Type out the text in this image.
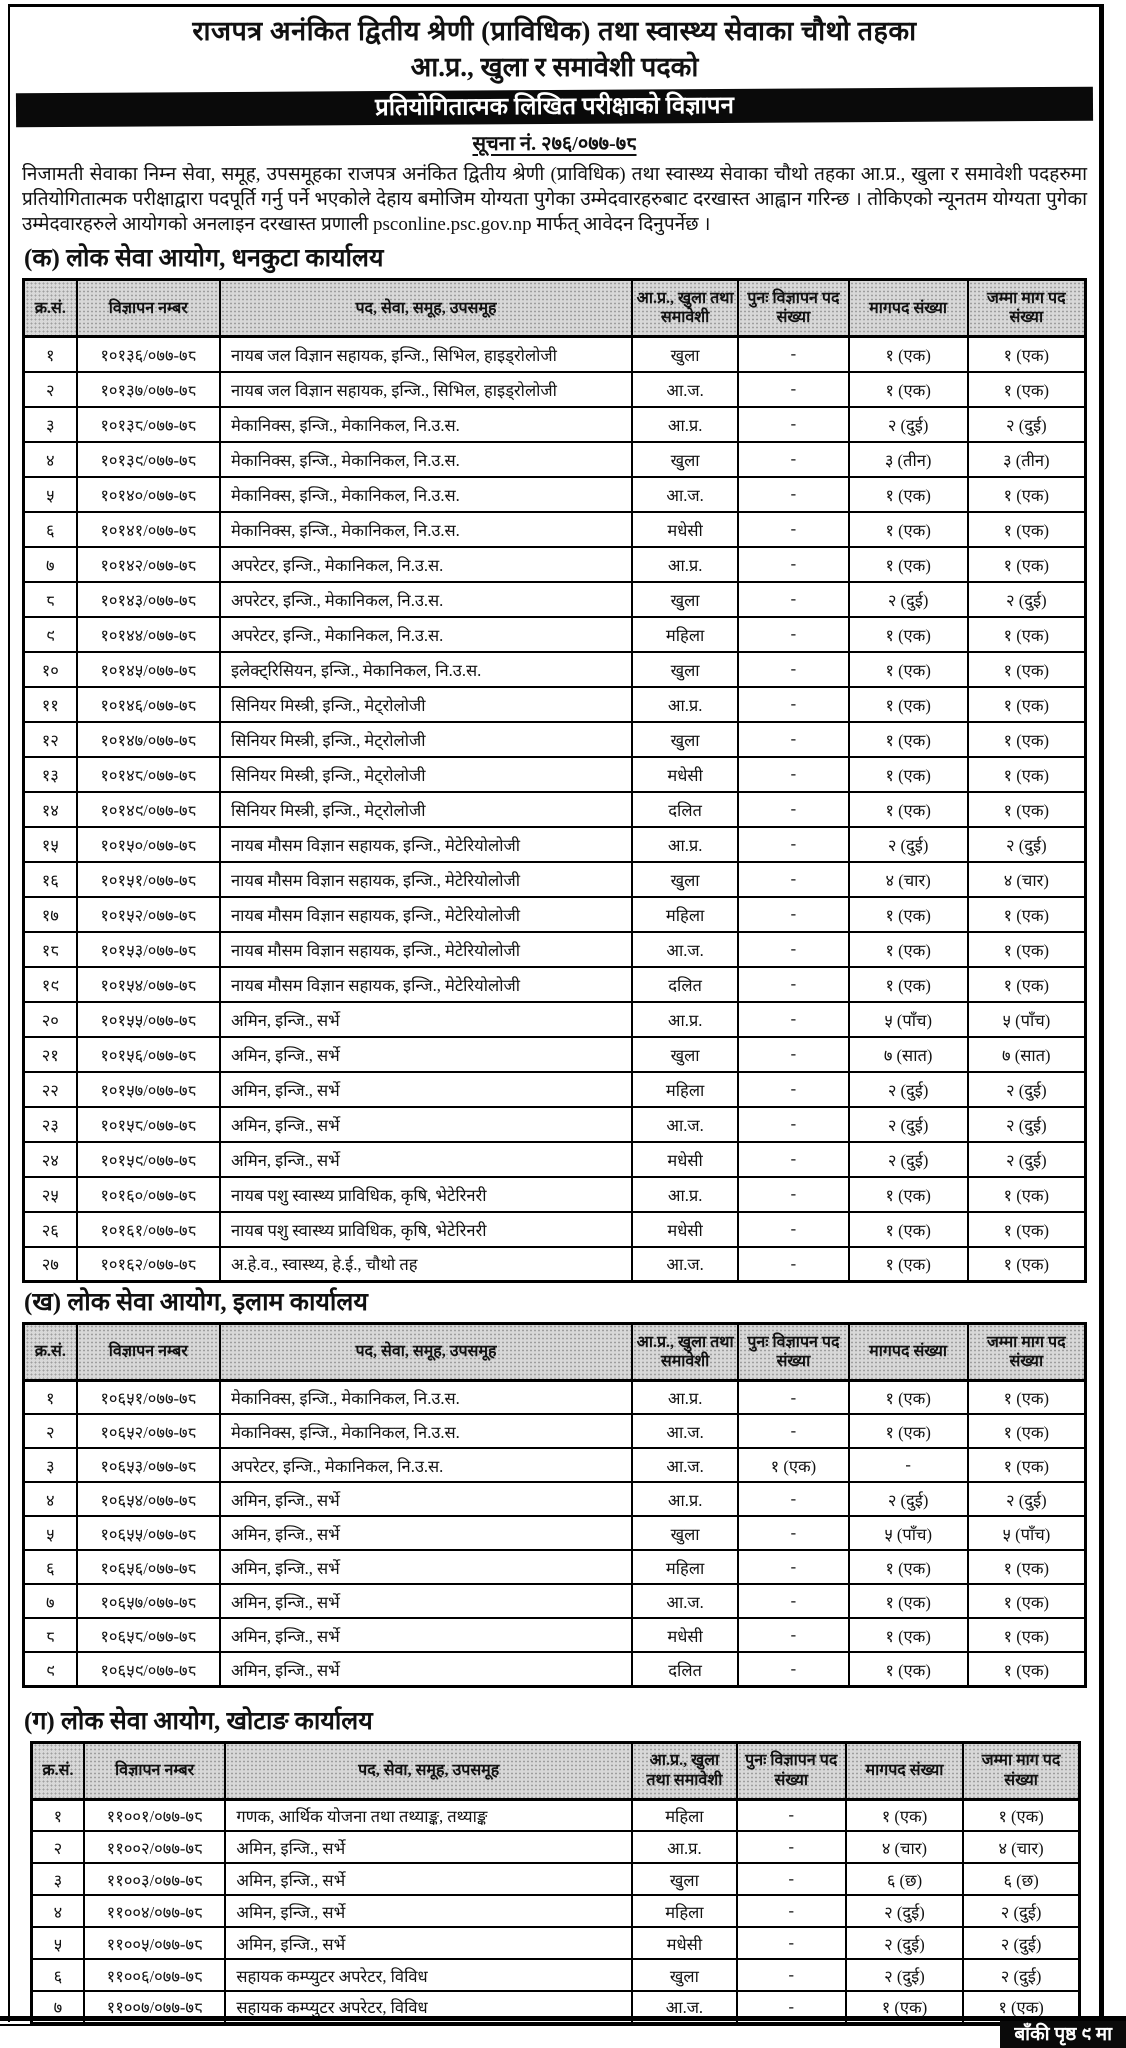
राजपत्र अनंकित द्वितीय श्रेणी (प्राविधिक) तथा स्वास्थ्य सेवाका चौथो तहका
आ.प्र., खुला र समावेशी पदको
प्रतियोगितात्मक लिखित परीक्षाको विज्ञापन
सूचना नं. २७६/०७७-७८

निजामती सेवाका निम्न सेवा, समूह, उपसमूहका राजपत्र अनंकित द्वितीय श्रेणी (प्राविधिक) तथा स्वास्थ्य सेवाका चौथो तहका आ.प्र., खुला र समावेशी पदहरुमा प्रतियोगितात्मक परीक्षाद्वारा पदपूर्ति गर्नु पर्ने भएकोले देहाय बमोजिम योग्यता पुगेका उम्मेदवारहरुबाट दरखास्त आह्वान गरिन्छ । तोकिएको न्यूनतम योग्यता पुगेका उम्मेदवारहरुले आयोगको अनलाइन दरखास्त प्रणाली psconline.psc.gov.np मार्फत् आवेदन दिनुपर्नेछ ।

(क) लोक सेवा आयोग, धनकुटा कार्यालय
क्र.सं.	विज्ञापन नम्बर	पद, सेवा, समूह, उपसमूह	आ.प्र., खुला तथा समावेशी	पुनः विज्ञापन पद संख्या	मागपद संख्या	जम्मा माग पद संख्या
१	१०१३६/०७७-७८	नायब जल विज्ञान सहायक, इन्जि., सिभिल, हाइड्रोलोजी	खुला	-	१ (एक)	१ (एक)
२	१०१३७/०७७-७८	नायब जल विज्ञान सहायक, इन्जि., सिभिल, हाइड्रोलोजी	आ.ज.	-	१ (एक)	१ (एक)
३	१०१३८/०७७-७८	मेकानिक्स, इन्जि., मेकानिकल, नि.उ.स.	आ.प्र.	-	२ (दुई)	२ (दुई)
४	१०१३९/०७७-७८	मेकानिक्स, इन्जि., मेकानिकल, नि.उ.स.	खुला	-	३ (तीन)	३ (तीन)
५	१०१४०/०७७-७८	मेकानिक्स, इन्जि., मेकानिकल, नि.उ.स.	आ.ज.	-	१ (एक)	१ (एक)
६	१०१४१/०७७-७८	मेकानिक्स, इन्जि., मेकानिकल, नि.उ.स.	मधेसी	-	१ (एक)	१ (एक)
७	१०१४२/०७७-७८	अपरेटर, इन्जि., मेकानिकल, नि.उ.स.	आ.प्र.	-	१ (एक)	१ (एक)
८	१०१४३/०७७-७८	अपरेटर, इन्जि., मेकानिकल, नि.उ.स.	खुला	-	२ (दुई)	२ (दुई)
९	१०१४४/०७७-७८	अपरेटर, इन्जि., मेकानिकल, नि.उ.स.	महिला	-	१ (एक)	१ (एक)
१०	१०१४५/०७७-७८	इलेक्ट्रिसियन, इन्जि., मेकानिकल, नि.उ.स.	खुला	-	१ (एक)	१ (एक)
११	१०१४६/०७७-७८	सिनियर मिस्त्री, इन्जि., मेट्रोलोजी	आ.प्र.	-	१ (एक)	१ (एक)
१२	१०१४७/०७७-७८	सिनियर मिस्त्री, इन्जि., मेट्रोलोजी	खुला	-	१ (एक)	१ (एक)
१३	१०१४८/०७७-७८	सिनियर मिस्त्री, इन्जि., मेट्रोलोजी	मधेसी	-	१ (एक)	१ (एक)
१४	१०१४९/०७७-७८	सिनियर मिस्त्री, इन्जि., मेट्रोलोजी	दलित	-	१ (एक)	१ (एक)
१५	१०१५०/०७७-७८	नायब मौसम विज्ञान सहायक, इन्जि., मेटेरियोलोजी	आ.प्र.	-	२ (दुई)	२ (दुई)
१६	१०१५१/०७७-७८	नायब मौसम विज्ञान सहायक, इन्जि., मेटेरियोलोजी	खुला	-	४ (चार)	४ (चार)
१७	१०१५२/०७७-७८	नायब मौसम विज्ञान सहायक, इन्जि., मेटेरियोलोजी	महिला	-	१ (एक)	१ (एक)
१८	१०१५३/०७७-७८	नायब मौसम विज्ञान सहायक, इन्जि., मेटेरियोलोजी	आ.ज.	-	१ (एक)	१ (एक)
१९	१०१५४/०७७-७८	नायब मौसम विज्ञान सहायक, इन्जि., मेटेरियोलोजी	दलित	-	१ (एक)	१ (एक)
२०	१०१५५/०७७-७८	अमिन, इन्जि., सर्भे	आ.प्र.	-	५ (पाँच)	५ (पाँच)
२१	१०१५६/०७७-७८	अमिन, इन्जि., सर्भे	खुला	-	७ (सात)	७ (सात)
२२	१०१५७/०७७-७८	अमिन, इन्जि., सर्भे	महिला	-	२ (दुई)	२ (दुई)
२३	१०१५८/०७७-७८	अमिन, इन्जि., सर्भे	आ.ज.	-	२ (दुई)	२ (दुई)
२४	१०१५९/०७७-७८	अमिन, इन्जि., सर्भे	मधेसी	-	२ (दुई)	२ (दुई)
२५	१०१६०/०७७-७८	नायब पशु स्वास्थ्य प्राविधिक, कृषि, भेटेरिनरी	आ.प्र.	-	१ (एक)	१ (एक)
२६	१०१६१/०७७-७८	नायब पशु स्वास्थ्य प्राविधिक, कृषि, भेटेरिनरी	मधेसी	-	१ (एक)	१ (एक)
२७	१०१६२/०७७-७८	अ.हे.व., स्वास्थ्य, हे.ई., चौथो तह	आ.ज.	-	१ (एक)	१ (एक)
(ख) लोक सेवा आयोग, इलाम कार्यालय
क्र.सं.	विज्ञापन नम्बर	पद, सेवा, समूह, उपसमूह	आ.प्र., खुला तथा समावेशी	पुनः विज्ञापन पद संख्या	मागपद संख्या	जम्मा माग पद संख्या
१	१०६५१/०७७-७८	मेकानिक्स, इन्जि., मेकानिकल, नि.उ.स.	आ.प्र.	-	१ (एक)	१ (एक)
२	१०६५२/०७७-७८	मेकानिक्स, इन्जि., मेकानिकल, नि.उ.स.	आ.ज.	-	१ (एक)	१ (एक)
३	१०६५३/०७७-७८	अपरेटर, इन्जि., मेकानिकल, नि.उ.स.	आ.ज.	१ (एक)	-	१ (एक)
४	१०६५४/०७७-७८	अमिन, इन्जि., सर्भे	आ.प्र.	-	२ (दुई)	२ (दुई)
५	१०६५५/०७७-७८	अमिन, इन्जि., सर्भे	खुला	-	५ (पाँच)	५ (पाँच)
६	१०६५६/०७७-७८	अमिन, इन्जि., सर्भे	महिला	-	१ (एक)	१ (एक)
७	१०६५७/०७७-७८	अमिन, इन्जि., सर्भे	आ.ज.	-	१ (एक)	१ (एक)
८	१०६५८/०७७-७८	अमिन, इन्जि., सर्भे	मधेसी	-	१ (एक)	१ (एक)
९	१०६५९/०७७-७८	अमिन, इन्जि., सर्भे	दलित	-	१ (एक)	१ (एक)
(ग) लोक सेवा आयोग, खोटाङ कार्यालय
क्र.सं.	विज्ञापन नम्बर	पद, सेवा, समूह, उपसमूह	आ.प्र., खुला तथा समावेशी	पुनः विज्ञापन पद संख्या	मागपद संख्या	जम्मा माग पद संख्या
१	११००१/०७७-७८	गणक, आर्थिक योजना तथा तथ्याङ्क, तथ्याङ्क	महिला	-	१ (एक)	१ (एक)
२	११००२/०७७-७८	अमिन, इन्जि., सर्भे	आ.प्र.	-	४ (चार)	४ (चार)
३	११००३/०७७-७८	अमिन, इन्जि., सर्भे	खुला	-	६ (छ)	६ (छ)
४	११००४/०७७-७८	अमिन, इन्जि., सर्भे	महिला	-	२ (दुई)	२ (दुई)
५	११००५/०७७-७८	अमिन, इन्जि., सर्भे	मधेसी	-	२ (दुई)	२ (दुई)
६	११००६/०७७-७८	सहायक कम्प्युटर अपरेटर, विविध	खुला	-	२ (दुई)	२ (दुई)
७	११००७/०७७-७८	सहायक कम्प्युटर अपरेटर, विविध	आ.ज.	-	१ (एक)	१ (एक)
बाँकी पृष्ठ ९ मा
